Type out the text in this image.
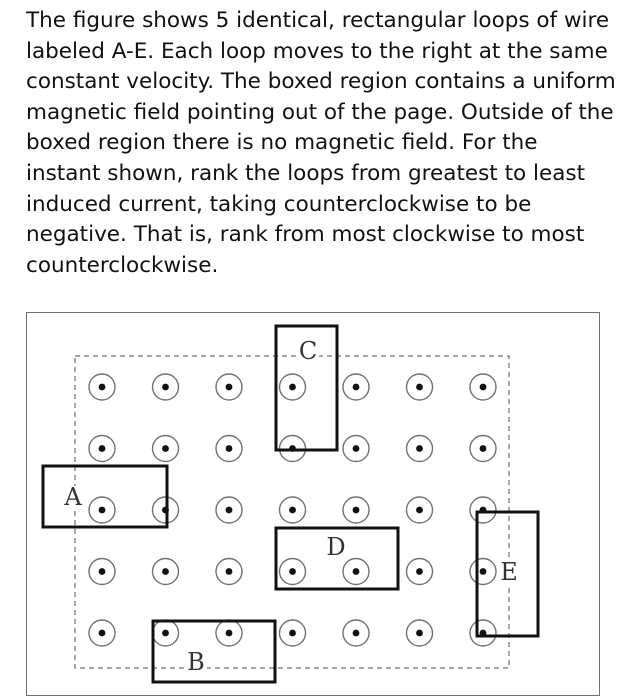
The figure shows 5 identical, rectangular loops of wire labeled A-E. Each loop moves to the right at the same constant velocity. The boxed region contains a uniform magnetic field pointing out of the page. Outside of the boxed region there is no magnetic field. For the instant shown, rank the loops from greatest to least induced current, taking counterclockwise to be negative. That is, rank from most clockwise to most counterclockwise.

A
B
C
D
E
